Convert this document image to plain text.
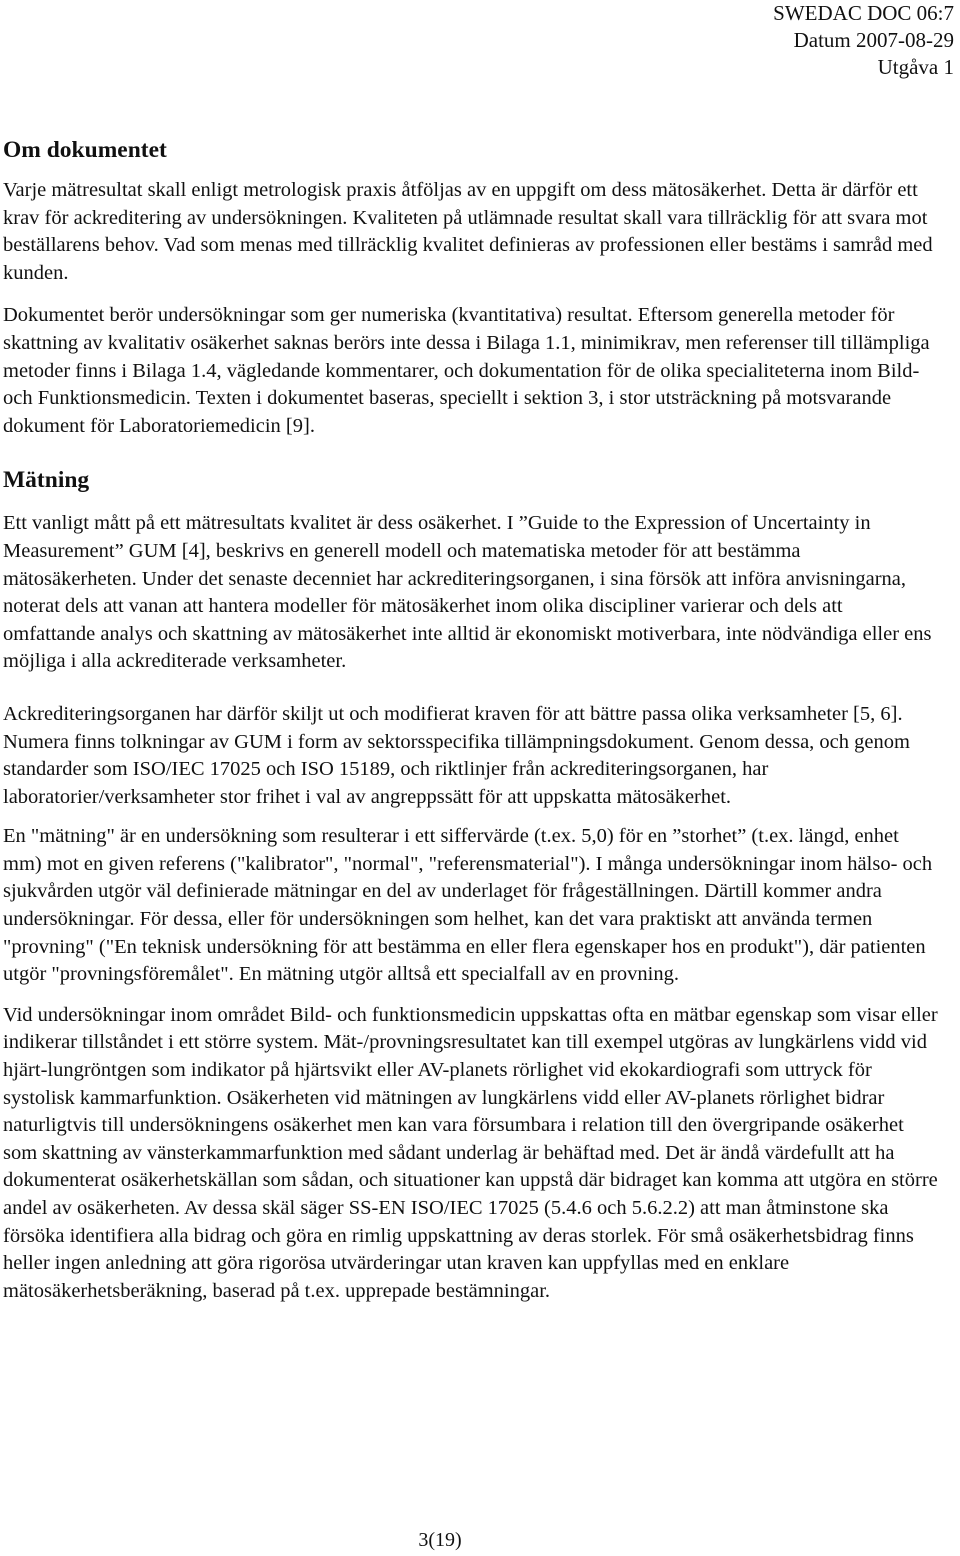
SWEDAC DOC 06:7
Datum 2007-08-29
Utgåva 1
Om dokumentet

Varje mätresultat skall enligt metrologisk praxis åtföljas av en uppgift om dess mätosäkerhet. Detta är därför ett krav för ackreditering av undersökningen. Kvaliteten på utlämnade resultat skall vara tillräcklig för att svara mot beställarens behov. Vad som menas med tillräcklig kvalitet definieras av professionen eller bestäms i samråd med kunden.

Dokumentet berör undersökningar som ger numeriska (kvantitativa) resultat. Eftersom generella metoder för skattning av kvalitativ osäkerhet saknas berörs inte dessa i Bilaga 1.1, minimikrav, men referenser till tillämpliga metoder finns i Bilaga 1.4, vägledande kommentarer, och dokumentation för de olika specialiteterna inom Bild- och Funktionsmedicin. Texten i dokumentet baseras, speciellt i sektion 3, i stor utsträckning på motsvarande dokument för Laboratoriemedicin [9].

Mätning

Ett vanligt mått på ett mätresultats kvalitet är dess osäkerhet. I ”Guide to the Expression of Uncertainty in Measurement” GUM [4], beskrivs en generell modell och matematiska metoder för att bestämma mätosäkerheten. Under det senaste decenniet har ackrediteringsorganen, i sina försök att införa anvisningarna, noterat dels att vanan att hantera modeller för mätosäkerhet inom olika discipliner varierar och dels att omfattande analys och skattning av mätosäkerhet inte alltid är ekonomiskt motiverbara, inte nödvändiga eller ens möjliga i alla ackrediterade verksamheter.

Ackrediteringsorganen har därför skiljt ut och modifierat kraven för att bättre passa olika verksamheter [5, 6]. Numera finns tolkningar av GUM i form av sektorsspecifika tillämpningsdokument. Genom dessa, och genom standarder som ISO/IEC 17025 och ISO 15189, och riktlinjer från ackrediteringsorganen, har laboratorier/verksamheter stor frihet i val av angreppssätt för att uppskatta mätosäkerhet.

En "mätning" är en undersökning som resulterar i ett siffervärde (t.ex. 5,0) för en ”storhet” (t.ex. längd, enhet mm) mot en given referens ("kalibrator", "normal", "referensmaterial"). I många undersökningar inom hälso- och sjukvården utgör väl definierade mätningar en del av underlaget för frågeställningen. Därtill kommer andra undersökningar. För dessa, eller för undersökningen som helhet, kan det vara praktiskt att använda termen "provning" ("En teknisk undersökning för att bestämma en eller flera egenskaper hos en produkt"), där patienten utgör "provningsföremålet". En mätning utgör alltså ett specialfall av en provning.

Vid undersökningar inom området Bild- och funktionsmedicin uppskattas ofta en mätbar egenskap som visar eller indikerar tillståndet i ett större system. Mät-/provningsresultatet kan till exempel utgöras av lungkärlens vidd vid hjärt-lungröntgen som indikator på hjärtsvikt eller AV-planets rörlighet vid ekokardiografi som uttryck för systolisk kammarfunktion. Osäkerheten vid mätningen av lungkärlens vidd eller AV-planets rörlighet bidrar naturligtvis till undersökningens osäkerhet men kan vara försumbara i relation till den övergripande osäkerhet som skattning av vänsterkammarfunktion med sådant underlag är behäftad med. Det är ändå värdefullt att ha dokumenterat osäkerhetskällan som sådan, och situationer kan uppstå där bidraget kan komma att utgöra en större andel av osäkerheten. Av dessa skäl säger SS-EN ISO/IEC 17025 (5.4.6 och 5.6.2.2) att man åtminstone ska försöka identifiera alla bidrag och göra en rimlig uppskattning av deras storlek. För små osäkerhetsbidrag finns heller ingen anledning att göra rigorösa utvärderingar utan kraven kan uppfyllas med en enklare mätosäkerhetsberäkning, baserad på t.ex. upprepade bestämningar.

3(19)
